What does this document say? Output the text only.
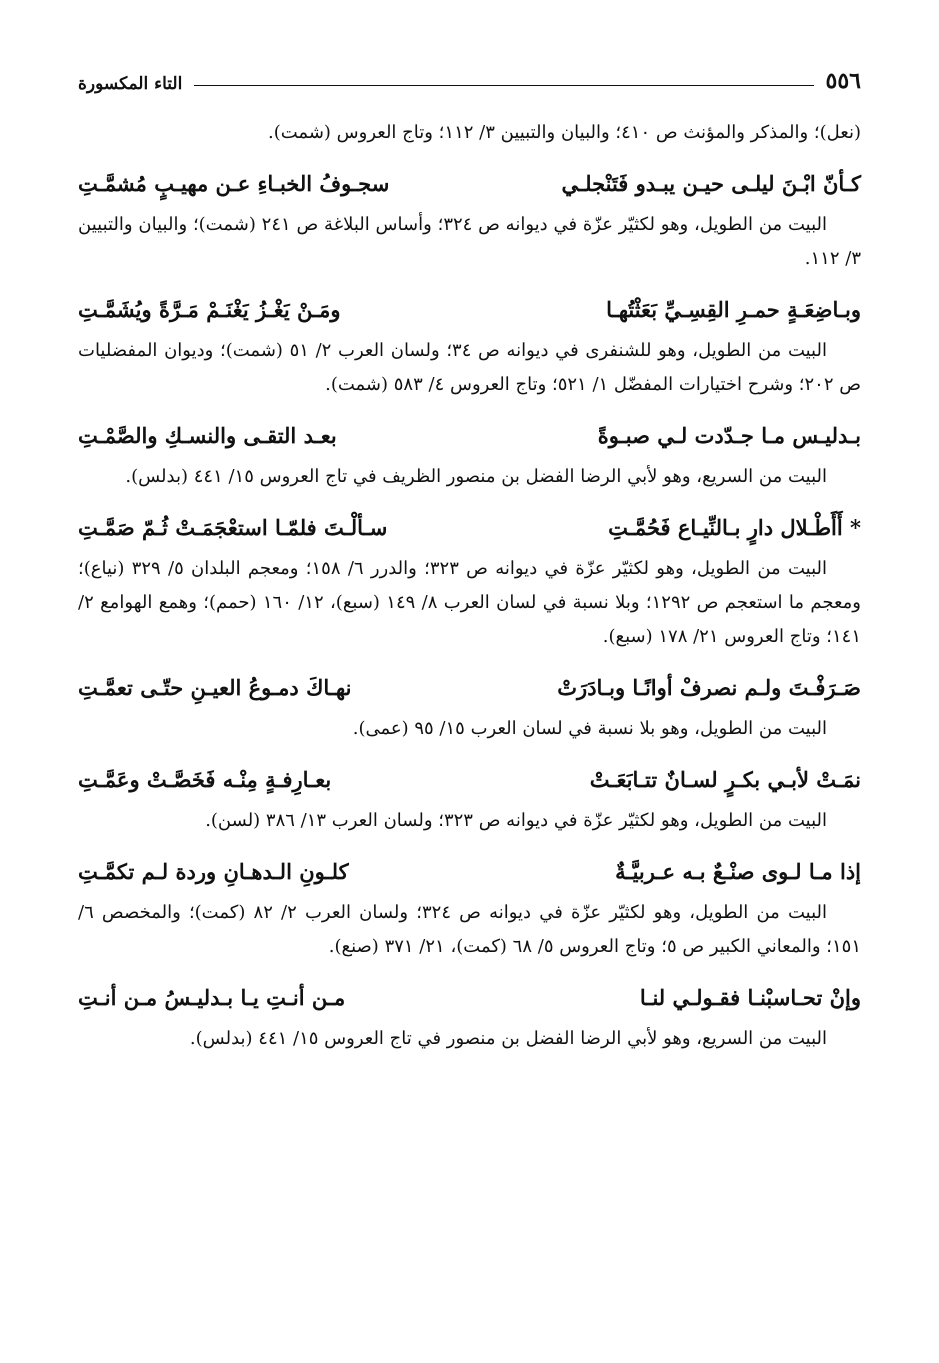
٥٥٦
التاء المكسورة

(نعل)؛ والمذكر والمؤنث ص ٤١٠؛ والبيان والتبيين ٣/ ١١٢؛ وتاج العروس (شمت).

كـأنّ ابْـنَ ليلـى حيـن يبـدو فَتَنْجلـي
سجـوفُ الخبـاءِ عـن مهيـبٍ مُشمَّـتِ

البيت من الطويل، وهو لكثيّر عزّة في ديوانه ص ٣٢٤؛ وأساس البلاغة ص ٢٤١ (شمت)؛ والبيان والتبيين ٣/ ١١٢.

وبـاضِعَـةٍ حمـرِ القِسِـيِّ بَعَثْتُهـا
ومَـنْ يَغْـزُ يَغْنَـمْ مَـرَّةً ويُشَمَّـتِ

البيت من الطويل، وهو للشنفرى في ديوانه ص ٣٤؛ ولسان العرب ٢/ ٥١ (شمت)؛ وديوان المفضليات ص ٢٠٢؛ وشرح اختيارات المفضّل ١/ ٥٢١؛ وتاج العروس ٤/ ٥٨٣ (شمت).

بـدليـس مـا جـدّدت لـي صبـوةً
بعـد التقـى والنسـكِ والصَّمْـتِ

البيت من السريع، وهو لأبي الرضا الفضل بن منصور الظريف في تاج العروس ١٥/ ٤٤١ (بدلس).

* أَأَطْـلال دارٍ بـالنِّيـاع فَحُمَّـتِ
سـألْـتَ فلمّـا استعْجَمَـتْ ثُـمّ صَمَّـتِ

البيت من الطويل، وهو لكثيّر عزّة في ديوانه ص ٣٢٣؛ والدرر ٦/ ١٥٨؛ ومعجم البلدان ٥/ ٣٢٩ (نياع)؛ ومعجم ما استعجم ص ١٢٩٢؛ وبلا نسبة في لسان العرب ٨/ ١٤٩ (سبع)، ١٢/ ١٦٠ (حمم)؛ وهمع الهوامع ٢/ ١٤١؛ وتاج العروس ٢١/ ١٧٨ (سبع).

صَـرَفْـتَ ولـم نصرفْ أوانًـا وبـادَرَتْ
نهـاكَ دمـوعُ العيـنِ حتّـى تعمَّـتِ

البيت من الطويل، وهو بلا نسبة في لسان العرب ١٥/ ٩٥ (عمى).

نمَـتْ لأبـي بكـرٍ لسـانٌ تتـابَعَـتْ
بعـارِفـةٍ مِنْـه فَخَصَّـتْ وعَمَّـتِ

البيت من الطويل، وهو لكثيّر عزّة في ديوانه ص ٣٢٣؛ ولسان العرب ١٣/ ٣٨٦ (لسن).

إذا مـا لـوى صنْـعٌ بـه عـربيَّـةٌ
كلـونِ الـدهـانِ وردة لـم تكمَّـتِ

البيت من الطويل، وهو لكثيّر عزّة في ديوانه ص ٣٢٤؛ ولسان العرب ٢/ ٨٢ (كمت)؛ والمخصص ٦/ ١٥١؛ والمعاني الكبير ص ٥؛ وتاج العروس ٥/ ٦٨ (كمت)، ٢١/ ٣٧١ (صنع).

وإنْ تحـاسبْنـا فقـولـي لنـا
مـن أنـتِ يـا بـدليـسُ مـن أنـتِ

البيت من السريع، وهو لأبي الرضا الفضل بن منصور في تاج العروس ١٥/ ٤٤١ (بدلس).
